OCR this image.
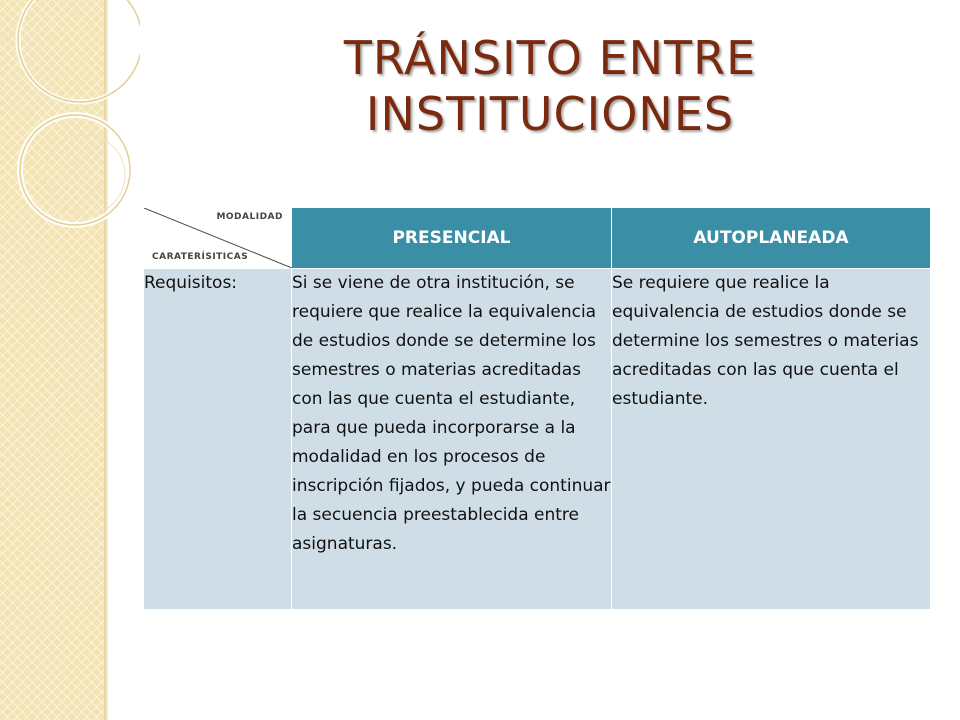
TRÁNSITO ENTRE
INSTITUCIONES
MODALIDAD
CARATERÍSITICAS	PRESENCIAL	AUTOPLANEADA
Requisitos:	Si se viene de otra institución, se requiere que realice la equivalencia de estudios donde se determine los semestres o materias acreditadas con las que cuenta el estudiante, para que pueda incorporarse a la modalidad en los procesos de inscripción fijados, y pueda continuar la secuencia preestablecida entre asignaturas.	Se requiere que realice la equivalencia de estudios donde se determine los semestres o materias acreditadas con las que cuenta el estudiante.
